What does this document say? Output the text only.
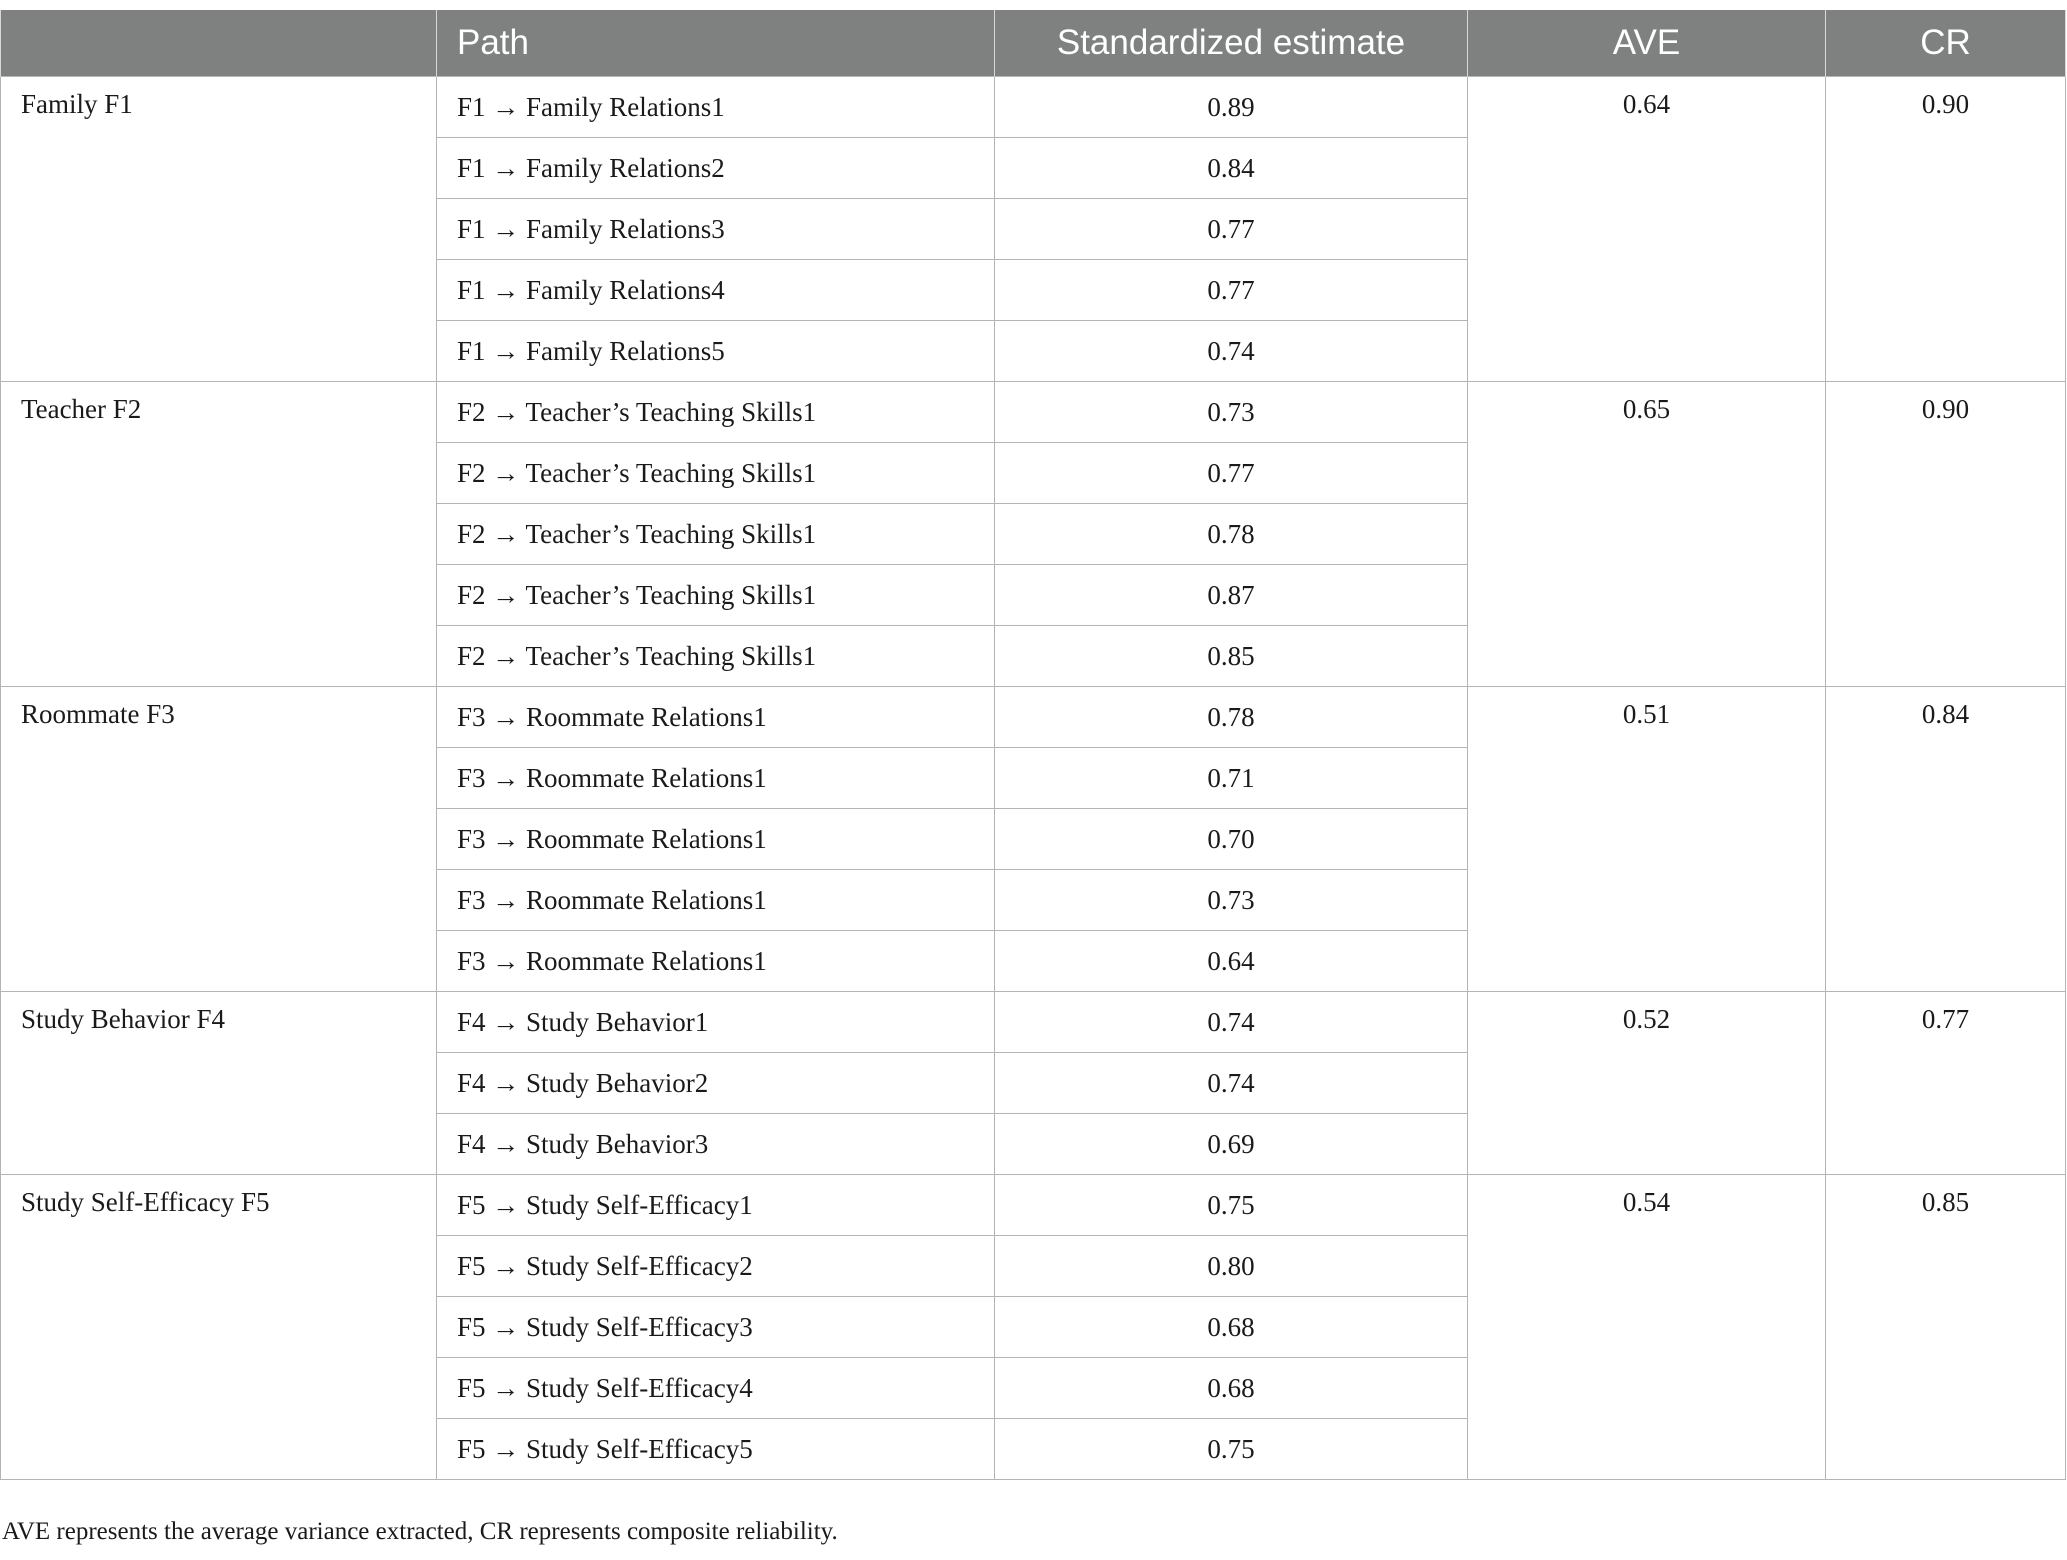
	Path	Standardized estimate	AVE	CR
Family F1	F1 → Family Relations1	0.89	0.64	0.90
	F1 → Family Relations2	0.84		
	F1 → Family Relations3	0.77		
	F1 → Family Relations4	0.77		
	F1 → Family Relations5	0.74		
Teacher F2	F2 → Teacher’s Teaching Skills1	0.73	0.65	0.90
	F2 → Teacher’s Teaching Skills1	0.77		
	F2 → Teacher’s Teaching Skills1	0.78		
	F2 → Teacher’s Teaching Skills1	0.87		
	F2 → Teacher’s Teaching Skills1	0.85		
Roommate F3	F3 → Roommate Relations1	0.78	0.51	0.84
	F3 → Roommate Relations1	0.71		
	F3 → Roommate Relations1	0.70		
	F3 → Roommate Relations1	0.73		
	F3 → Roommate Relations1	0.64		
Study Behavior F4	F4 → Study Behavior1	0.74	0.52	0.77
	F4 → Study Behavior2	0.74		
	F4 → Study Behavior3	0.69		
Study Self-Efficacy F5	F5 → Study Self-Efficacy1	0.75	0.54	0.85
	F5 → Study Self-Efficacy2	0.80		
	F5 → Study Self-Efficacy3	0.68		
	F5 → Study Self-Efficacy4	0.68		
	F5 → Study Self-Efficacy5	0.75		
AVE represents the average variance extracted, CR represents composite reliability.
